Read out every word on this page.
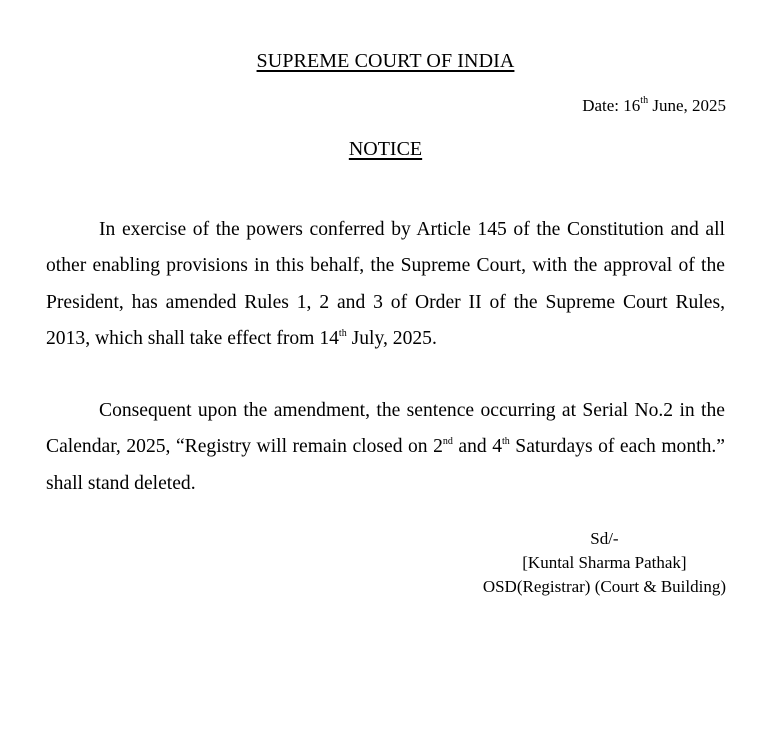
SUPREME COURT OF INDIA
Date: 16th June, 2025
NOTICE

In exercise of the powers conferred by Article 145 of the Constitution and all other enabling provisions in this behalf, the Supreme Court, with the approval of the President, has amended Rules 1, 2 and 3 of Order II of the Supreme Court Rules, 2013, which shall take effect from 14th July, 2025.

Consequent upon the amendment, the sentence occurring at Serial No.2 in the Calendar, 2025, “Registry will remain closed on 2nd and 4th Saturdays of each month.” shall stand deleted.

Sd/-
[Kuntal Sharma Pathak]
OSD(Registrar) (Court & Building)
